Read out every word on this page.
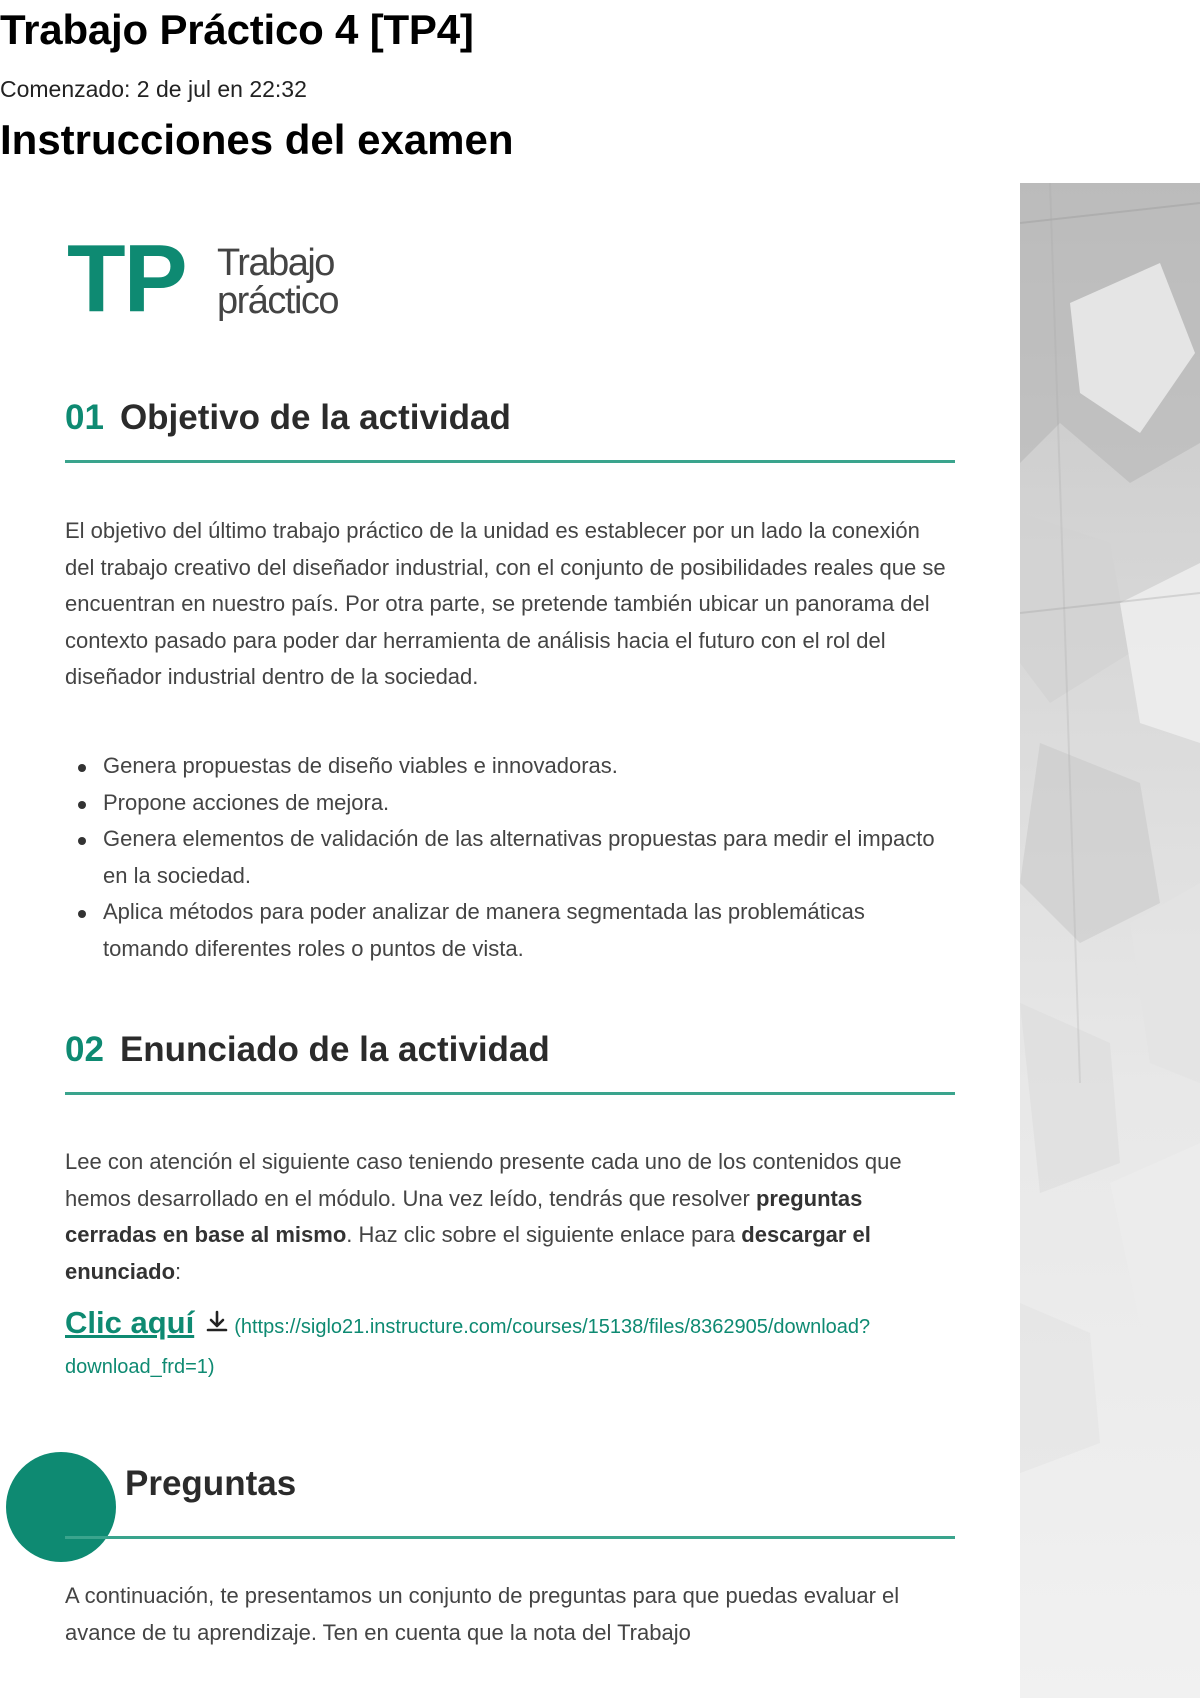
Trabajo Práctico 4 [TP4]
Comenzado: 2 de jul en 22:32
Instrucciones del examen
TP Trabajo
práctico
01 Objetivo de la actividad

El objetivo del último trabajo práctico de la unidad es establecer por un lado la conexión del trabajo creativo del diseñador industrial, con el conjunto de posibilidades reales que se encuentran en nuestro país. Por otra parte, se pretende también ubicar un panorama del contexto pasado para poder dar herramienta de análisis hacia el futuro con el rol del diseñador industrial dentro de la sociedad.

Genera propuestas de diseño viables e innovadoras.
Propone acciones de mejora.
Genera elementos de validación de las alternativas propuestas para medir el impacto en la sociedad.
Aplica métodos para poder analizar de manera segmentada las problemáticas tomando diferentes roles o puntos de vista.
02 Enunciado de la actividad

Lee con atención el siguiente caso teniendo presente cada uno de los contenidos que hemos desarrollado en el módulo. Una vez leído, tendrás que resolver preguntas cerradas en base al mismo. Haz clic sobre el siguiente enlace para descargar el enunciado:

Clic aquí (https://siglo21.instructure.com/courses/15138/files/8362905/download?download_frd=1)
Preguntas

A continuación, te presentamos un conjunto de preguntas para que puedas evaluar el avance de tu aprendizaje. Ten en cuenta que la nota del Trabajo
